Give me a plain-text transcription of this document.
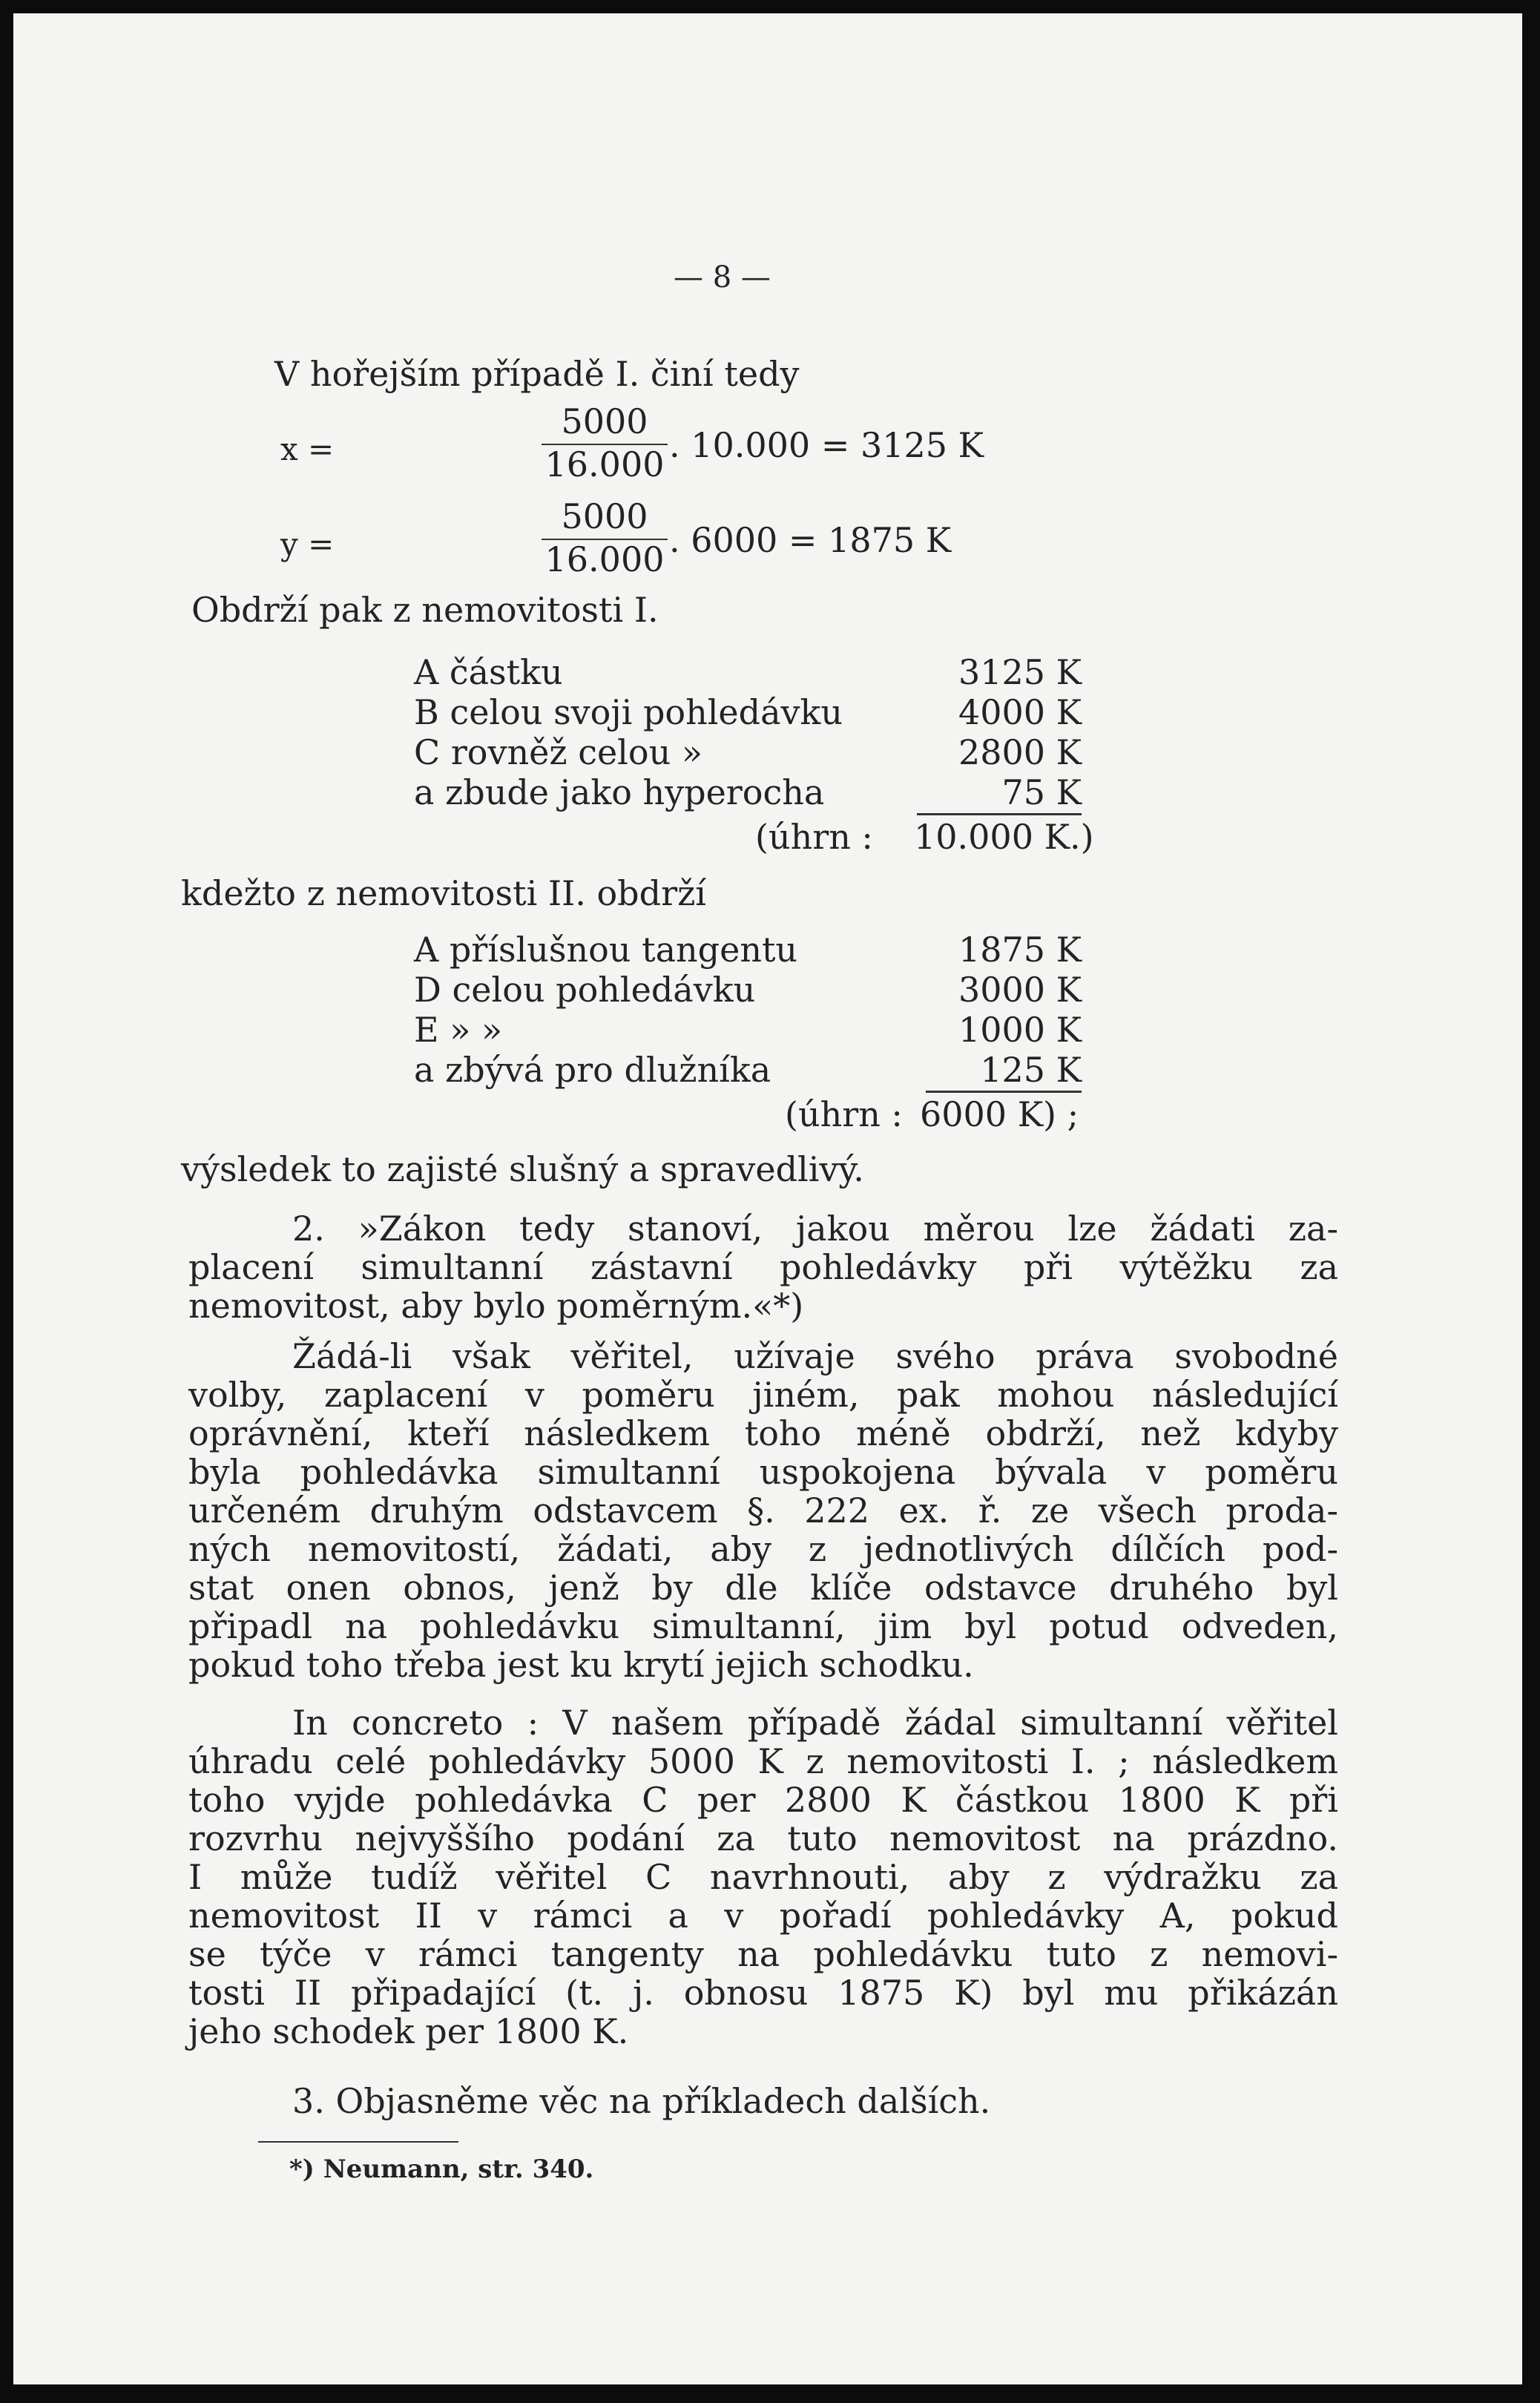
— 8 —
V hořejším případě I. činí tedy
x =
5000
16.000 . 10.000 = 3125 K
y =
5000
16.000 . 6000 = 1875 K
Obdrží pak z nemovitosti I.
A částku	3125 K
B celou svoji pohledávku	4000 K
C rovněž celou »	2800 K
a zbude jako hyperocha	75 K
(úhrn : 10.000 K.)
kdežto z nemovitosti II. obdrží
A příslušnou tangentu	1875 K
D celou pohledávku	3000 K
E » »	1000 K
a zbývá pro dlužníka	125 K
(úhrn : 6000 K) ;
výsledek to zajisté slušný a spravedlivý.
2. »Zákon tedy stanoví, jakou měrou lze žádati za-
placení simultanní zástavní pohledávky při výtěžku za
nemovitost, aby bylo poměrným.«*)
Žádá-li však věřitel, užívaje svého práva svobodné
volby, zaplacení v poměru jiném, pak mohou následující
oprávnění, kteří následkem toho méně obdrží, než kdyby
byla pohledávka simultanní uspokojena bývala v poměru
určeném druhým odstavcem §. 222 ex. ř. ze všech proda-
ných nemovitostí, žádati, aby z jednotlivých dílčích pod-
stat onen obnos, jenž by dle klíče odstavce druhého byl
připadl na pohledávku simultanní, jim byl potud odveden,
pokud toho třeba jest ku krytí jejich schodku.
In concreto : V našem případě žádal simultanní věřitel
úhradu celé pohledávky 5000 K z nemovitosti I. ; následkem
toho vyjde pohledávka C per 2800 K částkou 1800 K při
rozvrhu nejvyššího podání za tuto nemovitost na prázdno.
I může tudíž věřitel C navrhnouti, aby z výdražku za
nemovitost II v rámci a v pořadí pohledávky A, pokud
se týče v rámci tangenty na pohledávku tuto z nemovi-
tosti II připadající (t. j. obnosu 1875 K) byl mu přikázán
jeho schodek per 1800 K.
3. Objasněme věc na příkladech dalších.
*) Neumann, str. 340.
